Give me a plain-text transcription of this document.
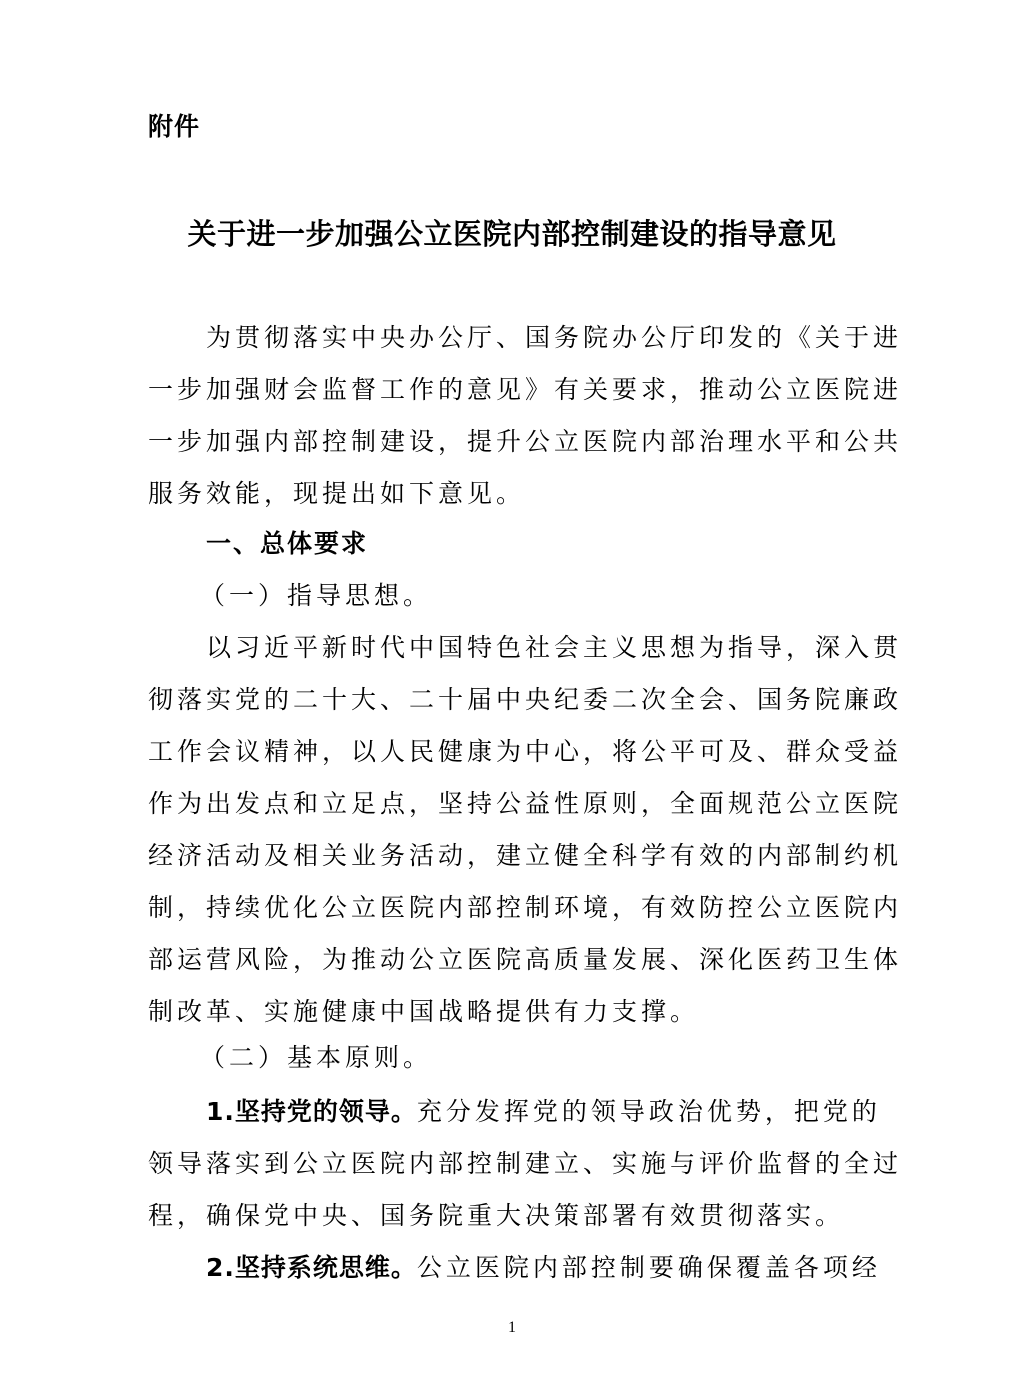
附件
关于进一步加强公立医院内部控制建设的指导意见
为贯彻落实中央办公厅、国务院办公厅印发的《关于进
一步加强财会监督工作的意见》有关要求，推动公立医院进
一步加强内部控制建设，提升公立医院内部治理水平和公共
服务效能，现提出如下意见。
一、总体要求
（一）指导思想。
以习近平新时代中国特色社会主义思想为指导，深入贯
彻落实党的二十大、二十届中央纪委二次全会、国务院廉政
工作会议精神，以人民健康为中心，将公平可及、群众受益
作为出发点和立足点，坚持公益性原则，全面规范公立医院
经济活动及相关业务活动，建立健全科学有效的内部制约机
制，持续优化公立医院内部控制环境，有效防控公立医院内
部运营风险，为推动公立医院高质量发展、深化医药卫生体
制改革、实施健康中国战略提供有力支撑。
（二）基本原则。
1.坚持党的领导。充分发挥党的领导政治优势，把党的
领导落实到公立医院内部控制建立、实施与评价监督的全过
程，确保党中央、国务院重大决策部署有效贯彻落实。
2.坚持系统思维。公立医院内部控制要确保覆盖各项经
1
